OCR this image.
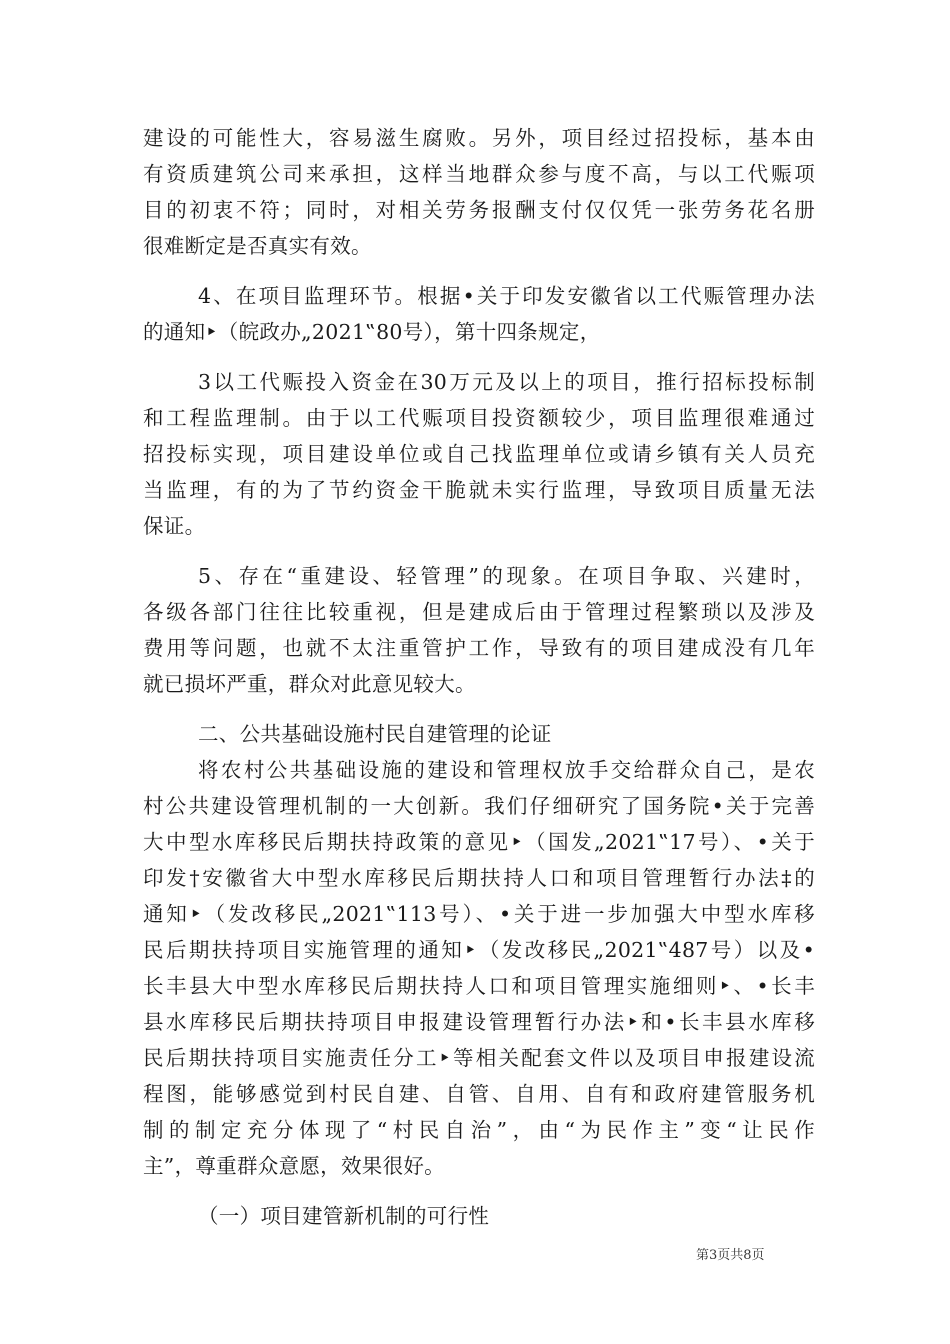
建设的可能性大，容易滋生腐败。另外，项目经过招投标，基本由
有资质建筑公司来承担，这样当地群众参与度不高，与以工代赈项
目的初衷不符；同时，对相关劳务报酬支付仅仅凭一张劳务花名册
很难断定是否真实有效。
4、在项目监理环节。根据•关于印发安徽省以工代赈管理办法
的通知‣（皖政办„2021‟80号），第十四条规定，
3以工代赈投入资金在30万元及以上的项目，推行招标投标制
和工程监理制。由于以工代赈项目投资额较少，项目监理很难通过
招投标实现，项目建设单位或自己找监理单位或请乡镇有关人员充
当监理，有的为了节约资金干脆就未实行监理，导致项目质量无法
保证。
5、存在“重建设、轻管理”的现象。在项目争取、兴建时，
各级各部门往往比较重视，但是建成后由于管理过程繁琐以及涉及
费用等问题，也就不太注重管护工作，导致有的项目建成没有几年
就已损坏严重，群众对此意见较大。
二、公共基础设施村民自建管理的论证
将农村公共基础设施的建设和管理权放手交给群众自己，是农
村公共建设管理机制的一大创新。我们仔细研究了国务院•关于完善
大中型水库移民后期扶持政策的意见‣（国发„2021‟17号）、•关于
印发†安徽省大中型水库移民后期扶持人口和项目管理暂行办法‡的
通知‣（发改移民„2021‟113号）、•关于进一步加强大中型水库移
民后期扶持项目实施管理的通知‣（发改移民„2021‟487号）以及•
长丰县大中型水库移民后期扶持人口和项目管理实施细则‣、•长丰
县水库移民后期扶持项目申报建设管理暂行办法‣和•长丰县水库移
民后期扶持项目实施责任分工‣等相关配套文件以及项目申报建设流
程图，能够感觉到村民自建、自管、自用、自有和政府建管服务机
制的制定充分体现了“村民自治”，由“为民作主”变“让民作
主”，尊重群众意愿，效果很好。
（一）项目建管新机制的可行性
第3页共8页
